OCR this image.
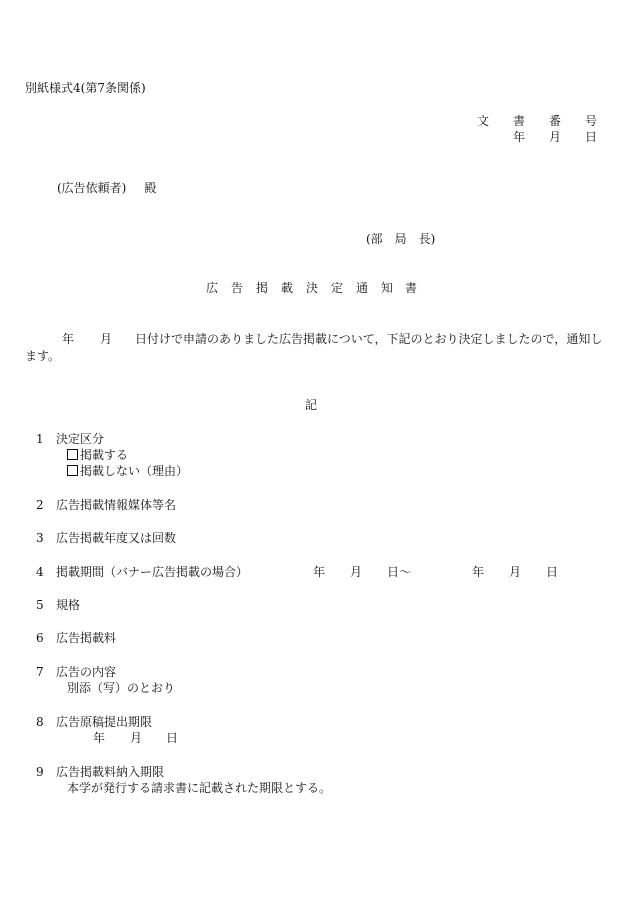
別紙様式4(第7条関係)
文 書 番 号
年 月 日
(広告依頼者) 殿
(部　局　長)
広 告 掲 載 決 定 通 知 書
年 月 日付けで申請のありました広告掲載について，下記のとおり決定しましたので，通知します。
記
1 決定区分
掲載する
掲載しない（理由）
2 広告掲載情報媒体等名
3 広告掲載年度又は回数
4 掲載期間（バナー広告掲載の場合）	年 月 日～	年 月 日
5 規格
6 広告掲載料
7 広告の内容
別添（写）のとおり
8 広告原稿提出期限
年 月 日
9 広告掲載料納入期限
本学が発行する請求書に記載された期限とする。
